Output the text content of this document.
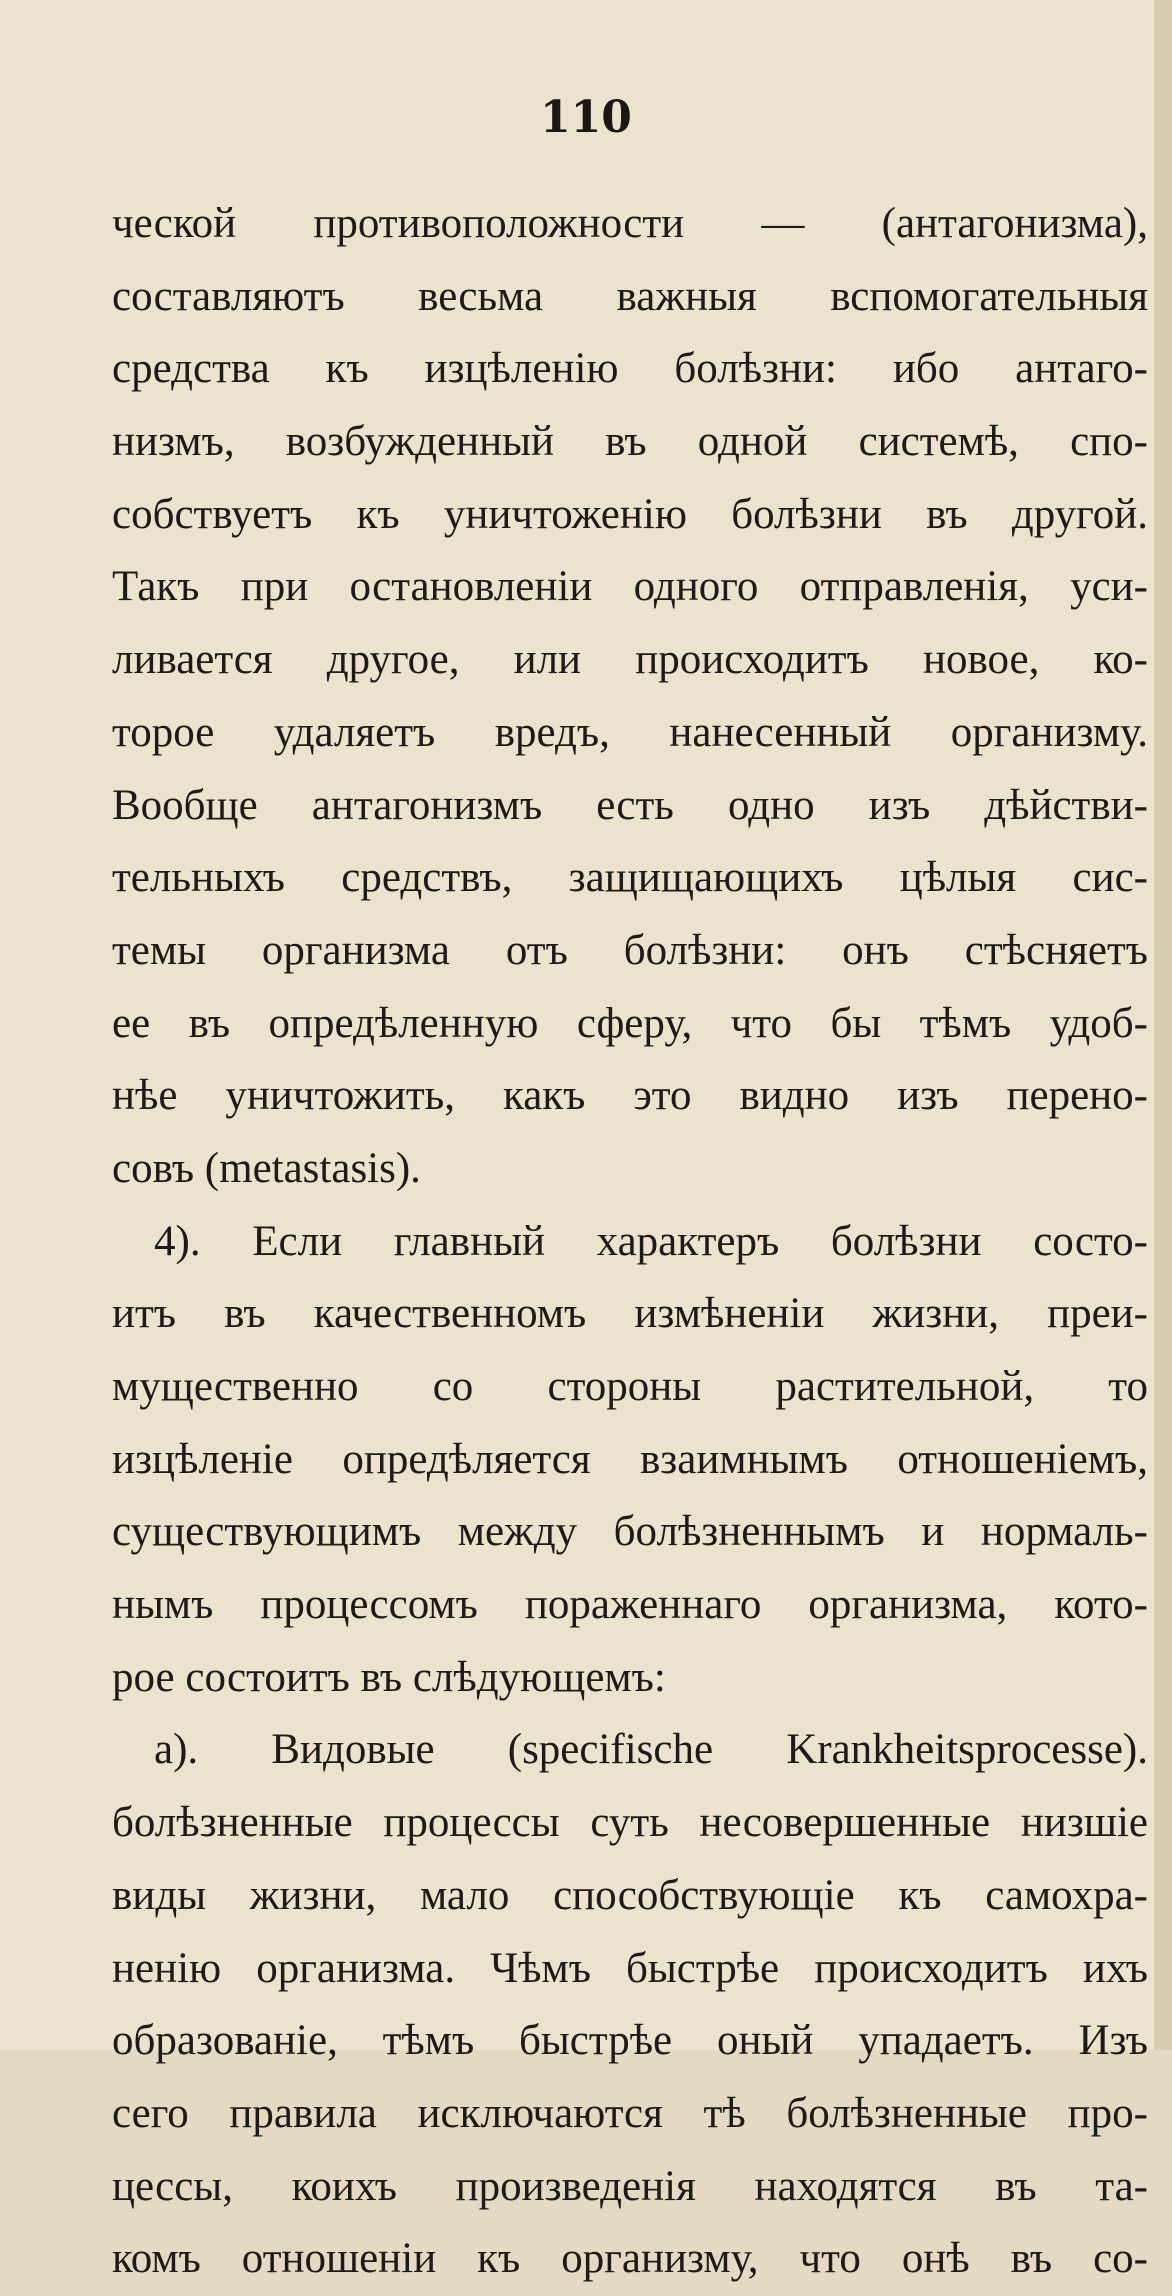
110
ческой противоположности — (антагонизма),
составляютъ весьма важныя вспомогательныя
средства къ изцѣленію болѣзни: ибо антаго-
низмъ, возбужденный въ одной системѣ, спо-
собствуетъ къ уничтоженію болѣзни въ другой.
Такъ при остановленіи одного отправленія, уси-
ливается другое, или происходитъ новое, ко-
торое удаляетъ вредъ, нанесенный организму.
Вообще антагонизмъ есть одно изъ дѣйстви-
тельныхъ средствъ, защищающихъ цѣлыя сис-
темы организма отъ болѣзни: онъ стѣсняетъ
ее въ опредѣленную сферу, что бы тѣмъ удоб-
нѣе уничтожить, какъ это видно изъ перено-
совъ (metastasis).
4). Если главный характеръ болѣзни состо-
итъ въ качественномъ измѣненіи жизни, преи-
мущественно со стороны растительной, то
изцѣленіе опредѣляется взаимнымъ отношеніемъ,
существующимъ между болѣзненнымъ и нормаль-
нымъ процессомъ пораженнаго организма, кото-
рое состоитъ въ слѣдующемъ:
а). Видовые (specifische Krankheitsprocesse).
болѣзненные процессы суть несовершенные низшіе
виды жизни, мало способствующіе къ самохра-
ненію организма. Чѣмъ быстрѣе происходитъ ихъ
образованіе, тѣмъ быстрѣе оный упадаетъ. Изъ
сего правила исключаются тѣ болѣзненные про-
цессы, коихъ произведенія находятся въ та-
комъ отношеніи къ организму, что онѣ въ со-
